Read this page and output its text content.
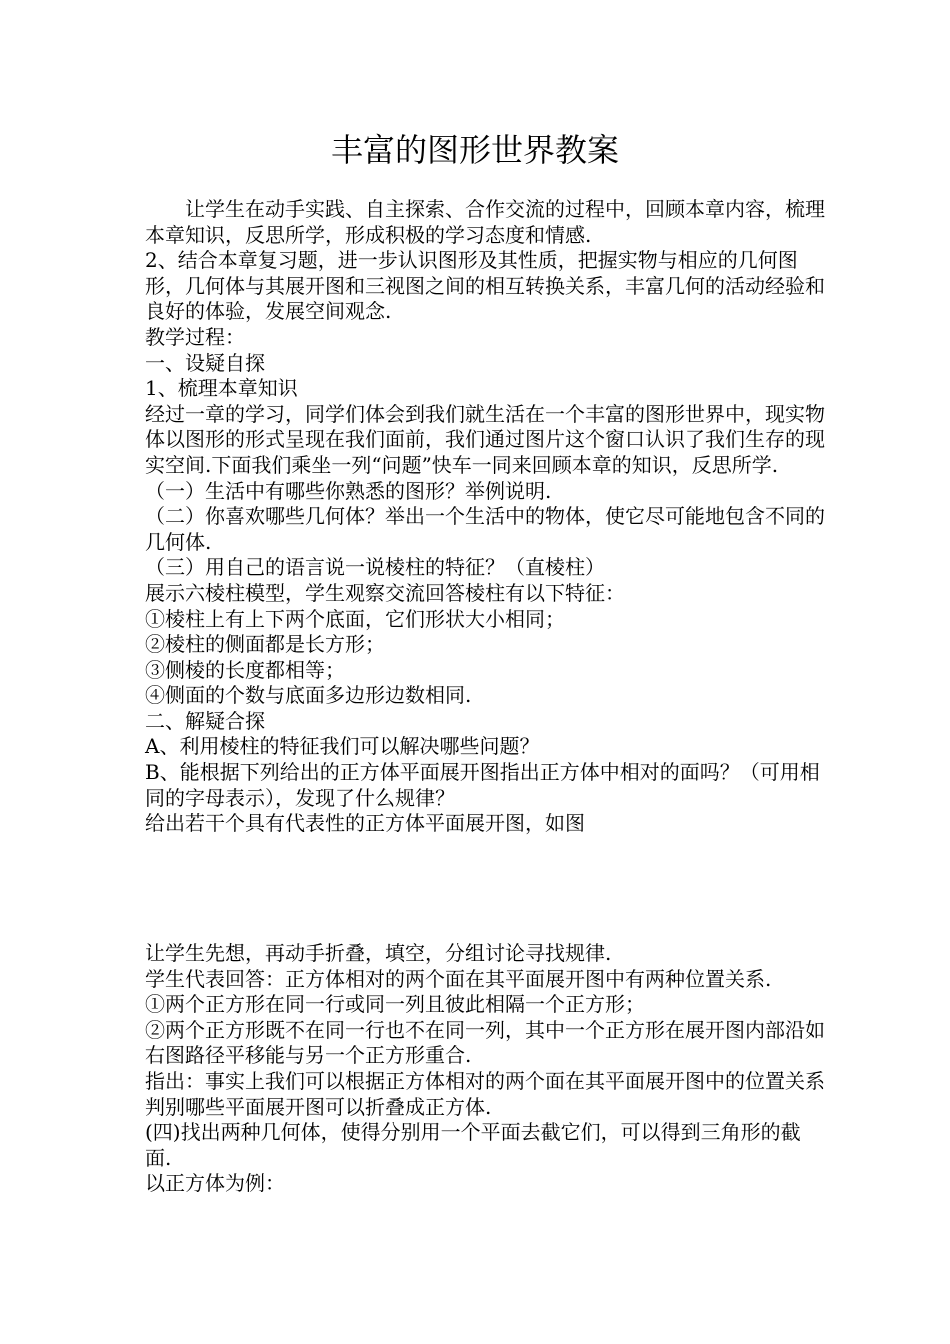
丰富的图形世界教案

让学生在动手实践、自主探索、合作交流的过程中，回顾本章内容，梳理本章知识，反思所学，形成积极的学习态度和情感.

2、结合本章复习题，进一步认识图形及其性质，把握实物与相应的几何图形，几何体与其展开图和三视图之间的相互转换关系，丰富几何的活动经验和良好的体验，发展空间观念.

教学过程：

一、设疑自探

1、梳理本章知识

经过一章的学习，同学们体会到我们就生活在一个丰富的图形世界中，现实物体以图形的形式呈现在我们面前，我们通过图片这个窗口认识了我们生存的现实空间.下面我们乘坐一列“问题”快车一同来回顾本章的知识，反思所学.

（一）生活中有哪些你熟悉的图形？举例说明.

（二）你喜欢哪些几何体？举出一个生活中的物体，使它尽可能地包含不同的几何体.

（三）用自己的语言说一说棱柱的特征？（直棱柱）

展示六棱柱模型，学生观察交流回答棱柱有以下特征：

①棱柱上有上下两个底面，它们形状大小相同；

②棱柱的侧面都是长方形；

③侧棱的长度都相等；

④侧面的个数与底面多边形边数相同.

二、解疑合探

A、利用棱柱的特征我们可以解决哪些问题？

B、能根据下列给出的正方体平面展开图指出正方体中相对的面吗？（可用相同的字母表示），发现了什么规律？

给出若干个具有代表性的正方体平面展开图，如图

让学生先想，再动手折叠，填空，分组讨论寻找规律.

学生代表回答：正方体相对的两个面在其平面展开图中有两种位置关系.

①两个正方形在同一行或同一列且彼此相隔一个正方形；

②两个正方形既不在同一行也不在同一列，其中一个正方形在展开图内部沿如右图路径平移能与另一个正方形重合.

指出：事实上我们可以根据正方体相对的两个面在其平面展开图中的位置关系判别哪些平面展开图可以折叠成正方体.

(四)找出两种几何体，使得分别用一个平面去截它们，可以得到三角形的截面.

以正方体为例：
